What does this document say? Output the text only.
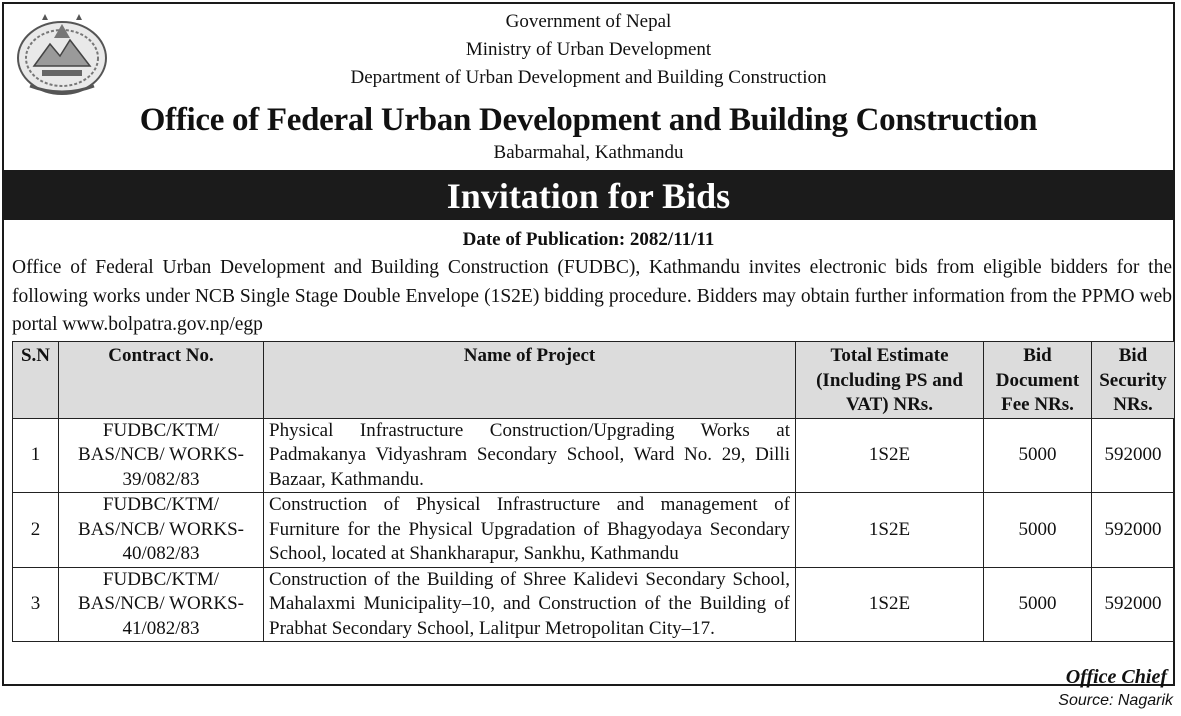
Government of Nepal
Ministry of Urban Development
Department of Urban Development and Building Construction
Office of Federal Urban Development and Building Construction
Babarmahal, Kathmandu
Invitation for Bids
Date of Publication: 2082/11/11
Office of Federal Urban Development and Building Construction (FUDBC), Kathmandu invites electronic bids from eligible bidders for the following works under NCB Single Stage Double Envelope (1S2E) bidding procedure. Bidders may obtain further information from the PPMO web portal www.bolpatra.gov.np/egp
S.N	Contract No.	Name of Project	Total Estimate (Including PS and VAT) NRs.	Bid Document Fee NRs.	Bid Security NRs.
1	FUDBC/KTM/ BAS/NCB/ WORKS-39/082/83	Physical Infrastructure Construction/Upgrading Works at Padmakanya Vidyashram Secondary School, Ward No. 29, Dilli Bazaar, Kathmandu.	1S2E	5000	592000
2	FUDBC/KTM/ BAS/NCB/ WORKS-40/082/83	Construction of Physical Infrastructure and management of Furniture for the Physical Upgradation of Bhagyodaya Secondary School, located at Shankharapur, Sankhu, Kathmandu	1S2E	5000	592000
3	FUDBC/KTM/ BAS/NCB/ WORKS-41/082/83	Construction of the Building of Shree Kalidevi Secondary School, Mahalaxmi Municipality–10, and Construction of the Building of Prabhat Secondary School, Lalitpur Metropolitan City–17.	1S2E	5000	592000
Office Chief
Source: Nagarik
